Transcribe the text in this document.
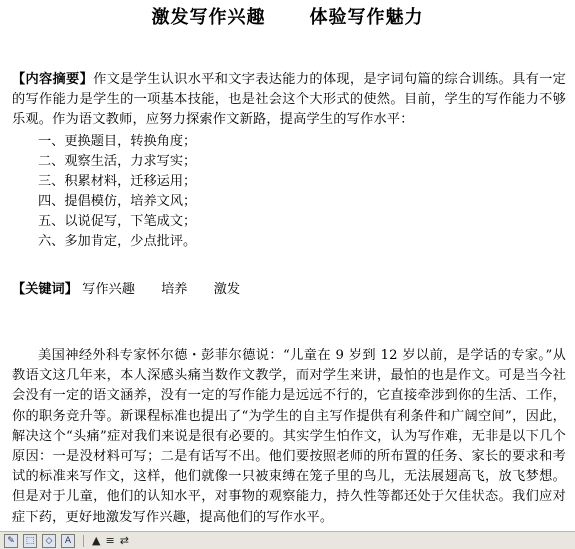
激发写作兴趣 体验写作魅力
【内容摘要】作文是学生认识水平和文字表达能力的体现，是字词句篇的综合训练。具有一定的写作能力是学生的一项基本技能，也是社会这个大形式的使然。目前，学生的写作能力不够乐观。作为语文教师，应努力探索作文新路，提高学生的写作水平：
一、更换题目，转换角度；
二、观察生活，力求写实；
三、积累材料，迁移运用；
四、提倡模仿，培养文风；
五、以说促写，下笔成文；
六、多加肯定，少点批评。
【关键词】 写作兴趣 培养 激发
美国神经外科专家怀尔德・彭菲尔德说：“儿童在 9 岁到 12 岁以前，是学话的专家。”从教语文这几年来，本人深感头痛当数作文教学，而对学生来讲，最怕的也是作文。可是当今社会没有一定的语文涵养，没有一定的写作能力是远远不行的，它直接牵涉到你的生活、工作，你的职务竞升等。新课程标准也提出了“为学生的自主写作提供有利条件和广阔空间”，因此，解决这个“头痛”症对我们来说是很有必要的。其实学生怕作文，认为写作难，无非是以下几个原因：一是没材料可写；二是有话写不出。他们要按照老师的所布置的任务、家长的要求和考试的标准来写作文，这样，他们就像一只被束缚在笼子里的鸟儿，无法展翅高飞，放飞梦想。但是对于儿童，他们的认知水平，对事物的观察能力，持久性等都还处于欠佳状态。我们应对症下药，更好地激发写作兴趣，提高他们的写作水平。
✎	⬚	◇	A	▲ ≡ ⇄
